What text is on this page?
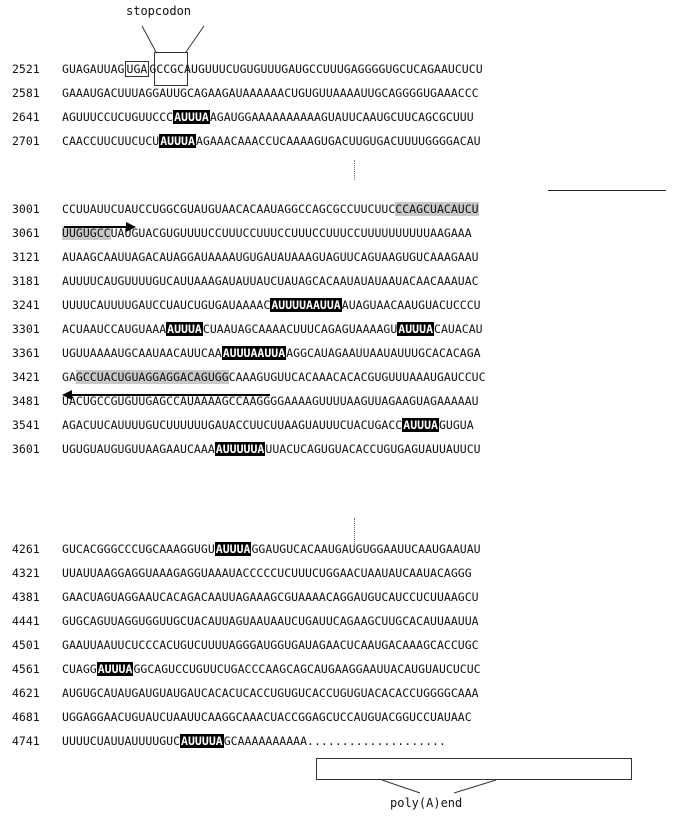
stopcodon
2521	GUAGAUUAG UGA GCCGCAUGUUUCUGUGUUUGAUGCCUUUGAGGGGUGCUCAGAAUCUCU
2581	GAAAUGACUUUAGGAUUGCAGAAGAUAAAAAACUGUGUUAAAAUUGCAGGGGUGAAACCC
2641	AGUUUCCUCUGUUCCCAUUUAAGAUGGAAAAAAAAAAGUAUUCAAUGCUUCAGCGCUUU
2701	CAACCUUCUUCUCUAUUUAAGAAACAAACCUCAAAAGUGACUUGUGACUUUUGGGGACAU
3001	CCUUAUUCUAUCCUGGCGUAUGUAACACAAUAGGCCAGCGCCUUCUUCCCAGCUACAUCU
3061	UUGUGCCUAUGUACGUGUUUUCCUUUCCUUUCCUUUCCUUUCCUUUUUUUUUUAAGAAA
3121	AUAAGCAAUUAGACAUAGGAUAAAAUGUGAUAUAAAGUAGUUCAGUAAGUGUCAAAGAAU
3181	AUUUUCAUGUUUUGUCAUUAAAGAUAUUAUCUAUAGCACAAUAUAUAAUACAACAAAUAC
3241	UUUUCAUUUUGAUCCUAUCUGUGAUAAAACAUUUUAAUUAAUAGUAACAAUGUACUCCCU
3301	ACUAAUCCAUGUAAAAUUUACUAAUAGCAAAACUUUCAGAGUAAAAGUAUUUACAUACAU
3361	UGUUAAAAUGCAAUAACAUUCAAAUUUAAUUAAGGCAUAGAAUUAAUAUUUGCACACAGA
3421	GAGCCUACUGUAGGAGGACAGUGGCAAAGUGUUCACAAACACACGUGUUUAAAUGAUCCUC
3481	UACUGCCGUGUUGAGCCAUAAAAGCCAAGGGGAAAAGUUUUAAGUUAGAAGUAGAAAAAU
3541	AGACUUCAUUUUGUCUUUUUUGAUACCUUCUUAAGUAUUUCUACUGACCAUUUAGUGUA
3601	UGUGUAUGUGUUAAGAAUCAAAAUUUUUAUUACUCAGUGUACACCUGUGAGUAUUAUUCU
4261	GUCACGGGCCCUGCAAAGGUGUAUUUAGGAUGUCACAAUGAUGUGGAAUUCAAUGAAUAU
4321	UUAUUAAGGAGGUAAAGAGGUAAAUACCCCCUCUUUCUGGAACUAAUAUCAAUACAGGG
4381	GAACUAGUAGGAAUCACAGACAAUUAGAAAGCGUAAAACAGGAUGUCAUCCUCUUAAGCU
4441	GUGCAGUUAGGUGGUUGCUACAUUAGUAAUAAUCUGAUUCAGAAGCUUGCACAUUAAUUA
4501	GAAUUAAUUCUCCCACUGUCUUUUAGGGAUGGUGAUAGAACUCAAUGACAAAGCACCUGC
4561	CUAGGAUUUAGGCAGUCCUGUUCUGACCCAAGCAGCAUGAAGGAAUUACAUGUAUCUCUC
4621	AUGUGCAUAUGAUGUAUGAUCACACUCACCUGUGUCACCUGUGUACACACCUGGGGCAAA
4681	UGGAGGAACUGUAUCUAAUUCAAGGCAAACUACCGGAGCUCCAUGUACGGUCCUAUAAC
4741	UUUUCUAUUAUUUUGUCAUUUUAGCAAAAAAAAAA....................
poly(A)end
